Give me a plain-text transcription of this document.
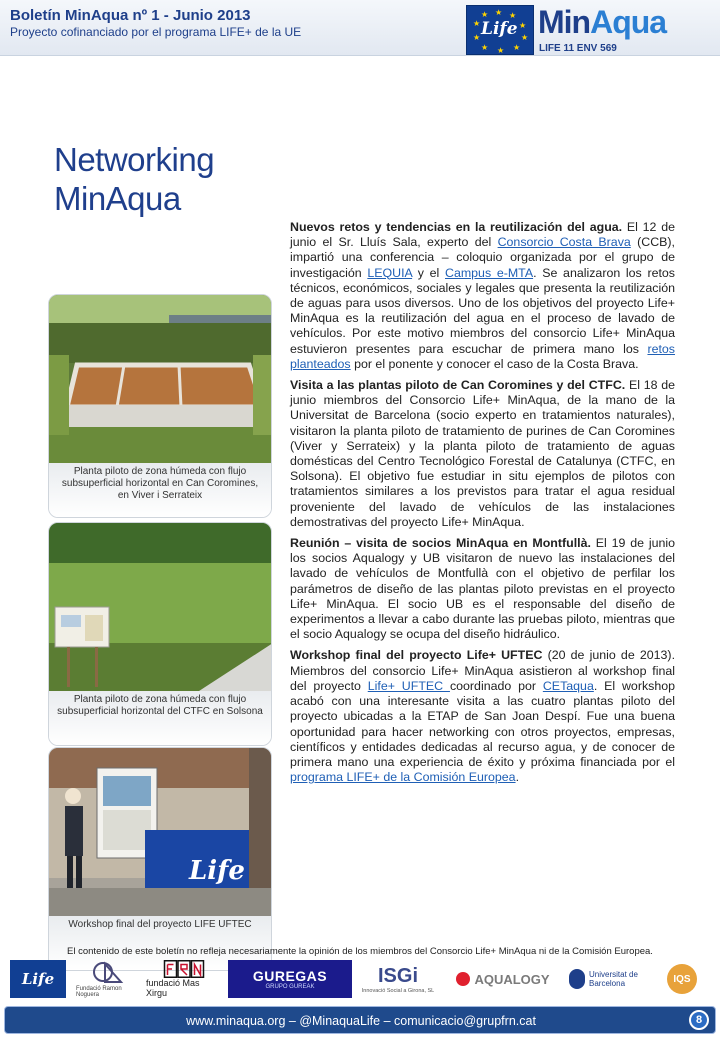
Boletín MinAqua nº 1 - Junio 2013
Proyecto cofinanciado por el programa LIFE+ de la UE
★ ★
★
★
★
★
★
★
★
★
Life MinAqua
LIFE 11 ENV 569
Networking MinAqua
Planta piloto de zona húmeda con flujo subsuperficial horizontal en Can Coromines, en Viver i Serrateix
Planta piloto de zona húmeda con flujo subsuperficial horizontal del CTFC en Solsona
Life
Workshop final del proyecto LIFE UFTEC

Nuevos retos y tendencias en la reutilización del agua. El 12 de junio el Sr. Lluís Sala, experto del Consorcio Costa Brava (CCB), impartió una conferencia – coloquio organizada por el grupo de investigación LEQUIA y el Campus e-MTA. Se analizaron los retos técnicos, económicos, sociales y legales que presenta la reutilización de aguas para usos diversos. Uno de los objetivos del proyecto Life+ MinAqua es la reutilización del agua en el proceso de lavado de vehículos. Por este motivo miembros del consorcio Life+ MinAqua estuvieron presentes para escuchar de primera mano los retos planteados por el ponente y conocer el caso de la Costa Brava.

Visita a las plantas piloto de Can Coromines y del CTFC. El 18 de junio miembros del Consorcio Life+ MinAqua, de la mano de la Universitat de Barcelona (socio experto en tratamientos naturales), visitaron la planta piloto de tratamiento de purines de Can Coromines (Viver y Serrateix) y la planta piloto de tratamiento de aguas domésticas del Centro Tecnológico Forestal de Catalunya (CTFC, en Solsona). El objetivo fue estudiar in situ ejemplos de pilotos con tratamientos similares a los previstos para tratar el agua residual proveniente del lavado de vehículos de las instalaciones demostrativas del proyecto Life+ MinAqua.

Reunión – visita de socios MinAqua en Montfullà. El 19 de junio los socios Aqualogy y UB visitaron de nuevo las instalaciones del lavado de vehículos de Montfullà con el objetivo de perfilar los parámetros de diseño de las plantas piloto previstas en el proyecto Life+ MinAqua. El socio UB es el responsable del diseño de experimentos a llevar a cabo durante las pruebas piloto, mientras que el socio Aqualogy se ocupa del diseño hidráulico.

Workshop final del proyecto Life+ UFTEC (20 de junio de 2013). Miembros del consorcio Life+ MinAqua asistieron al workshop final del proyecto Life+ UFTEC coordinado por CETaqua. El workshop acabó con una interesante visita a las cuatro plantas piloto del proyecto ubicadas a la ETAP de San Joan Despí. Fue una buena oportunidad para hacer networking con otros proyectos, empresas, científicos y entidades dedicadas al recurso agua, y de conocer de primera mano una experiencia de éxito y próxima financiada por el programa LIFE+ de la Comisión Europea.

El contenido de este boletín no refleja necesariamente la opinión de los miembros del Consorcio Life+ MinAqua ni de la Comisión Europea.
Life
Fundació Ramon Noguera
fundació Mas Xirgu
GUREGAS
GRUPO GUREAK
ISGi
Innovació Social a Girona, SL
AQUALOGY	Universitat de Barcelona	IQS
www.minaqua.org – @MinaquaLife – comunicacio@grupfrn.cat	8
